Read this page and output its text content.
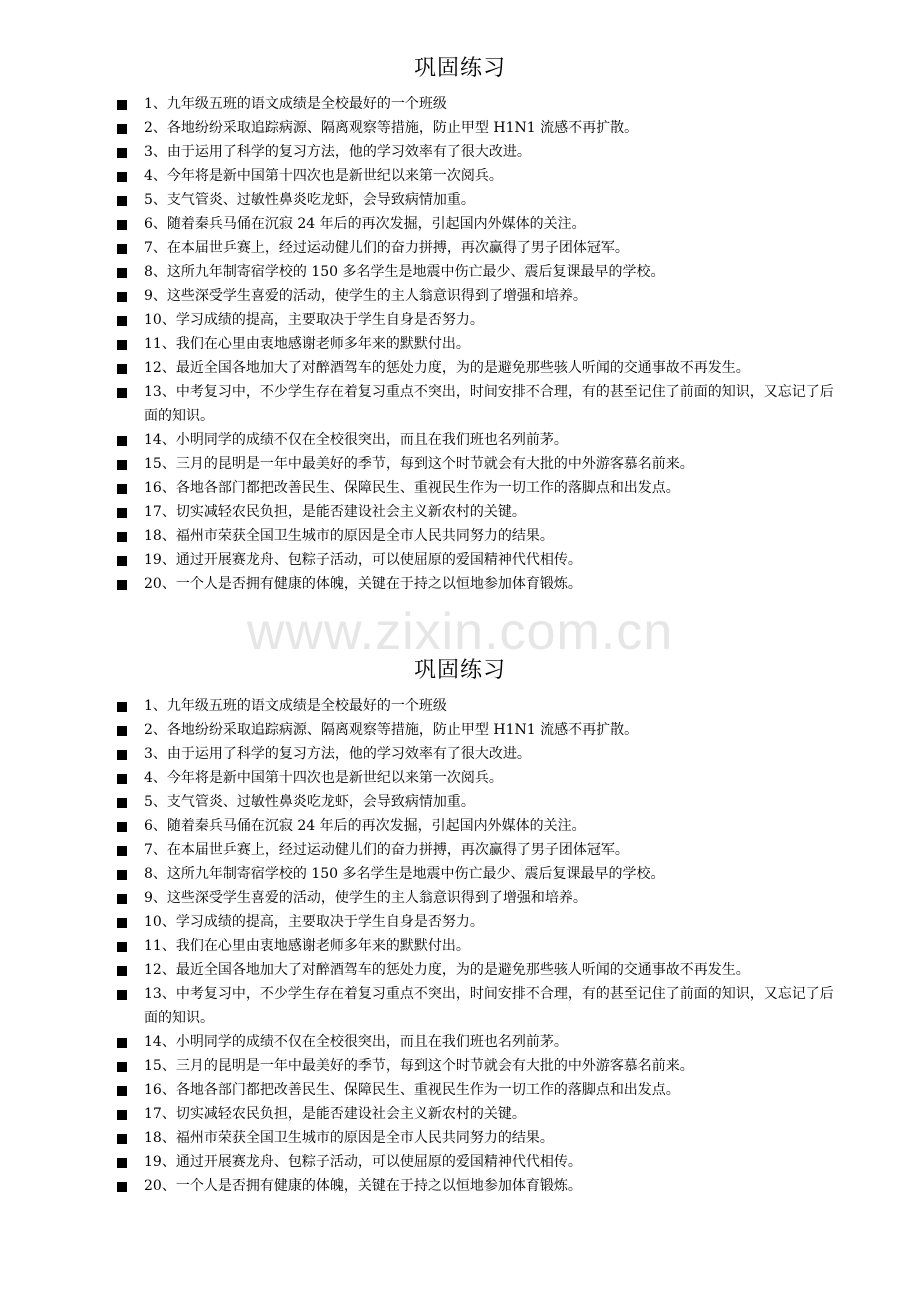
巩固练习
1、九年级五班的语文成绩是全校最好的一个班级
2、各地纷纷采取追踪病源、隔离观察等措施，防止甲型 H1N1 流感不再扩散。
3、由于运用了科学的复习方法，他的学习效率有了很大改进。
4、今年将是新中国第十四次也是新世纪以来第一次阅兵。
5、支气管炎、过敏性鼻炎吃龙虾，会导致病情加重。
6、随着秦兵马俑在沉寂 24 年后的再次发掘，引起国内外媒体的关注。
7、在本届世乒赛上，经过运动健儿们的奋力拼搏，再次赢得了男子团体冠军。
8、这所九年制寄宿学校的 150 多名学生是地震中伤亡最少、震后复课最早的学校。
9、这些深受学生喜爱的活动，使学生的主人翁意识得到了增强和培养。
10、学习成绩的提高，主要取决于学生自身是否努力。
11、我们在心里由衷地感谢老师多年来的默默付出。
12、最近全国各地加大了对醉酒驾车的惩处力度，为的是避免那些骇人听闻的交通事故不再发生。
13、中考复习中，不少学生存在着复习重点不突出，时间安排不合理，有的甚至记住了前面的知识，又忘记了后面的知识。
14、小明同学的成绩不仅在全校很突出，而且在我们班也名列前茅。
15、三月的昆明是一年中最美好的季节，每到这个时节就会有大批的中外游客慕名前来。
16、各地各部门都把改善民生、保障民生、重视民生作为一切工作的落脚点和出发点。
17、切实减轻农民负担，是能否建设社会主义新农村的关键。
18、福州市荣获全国卫生城市的原因是全市人民共同努力的结果。
19、通过开展赛龙舟、包粽子活动，可以使屈原的爱国精神代代相传。
20、一个人是否拥有健康的体魄，关键在于持之以恒地参加体育锻炼。
www.zixin.com.cn
巩固练习
1、九年级五班的语文成绩是全校最好的一个班级
2、各地纷纷采取追踪病源、隔离观察等措施，防止甲型 H1N1 流感不再扩散。
3、由于运用了科学的复习方法，他的学习效率有了很大改进。
4、今年将是新中国第十四次也是新世纪以来第一次阅兵。
5、支气管炎、过敏性鼻炎吃龙虾，会导致病情加重。
6、随着秦兵马俑在沉寂 24 年后的再次发掘，引起国内外媒体的关注。
7、在本届世乒赛上，经过运动健儿们的奋力拼搏，再次赢得了男子团体冠军。
8、这所九年制寄宿学校的 150 多名学生是地震中伤亡最少、震后复课最早的学校。
9、这些深受学生喜爱的活动，使学生的主人翁意识得到了增强和培养。
10、学习成绩的提高，主要取决于学生自身是否努力。
11、我们在心里由衷地感谢老师多年来的默默付出。
12、最近全国各地加大了对醉酒驾车的惩处力度，为的是避免那些骇人听闻的交通事故不再发生。
13、中考复习中，不少学生存在着复习重点不突出，时间安排不合理，有的甚至记住了前面的知识，又忘记了后面的知识。
14、小明同学的成绩不仅在全校很突出，而且在我们班也名列前茅。
15、三月的昆明是一年中最美好的季节，每到这个时节就会有大批的中外游客慕名前来。
16、各地各部门都把改善民生、保障民生、重视民生作为一切工作的落脚点和出发点。
17、切实减轻农民负担，是能否建设社会主义新农村的关键。
18、福州市荣获全国卫生城市的原因是全市人民共同努力的结果。
19、通过开展赛龙舟、包粽子活动，可以使屈原的爱国精神代代相传。
20、一个人是否拥有健康的体魄，关键在于持之以恒地参加体育锻炼。
